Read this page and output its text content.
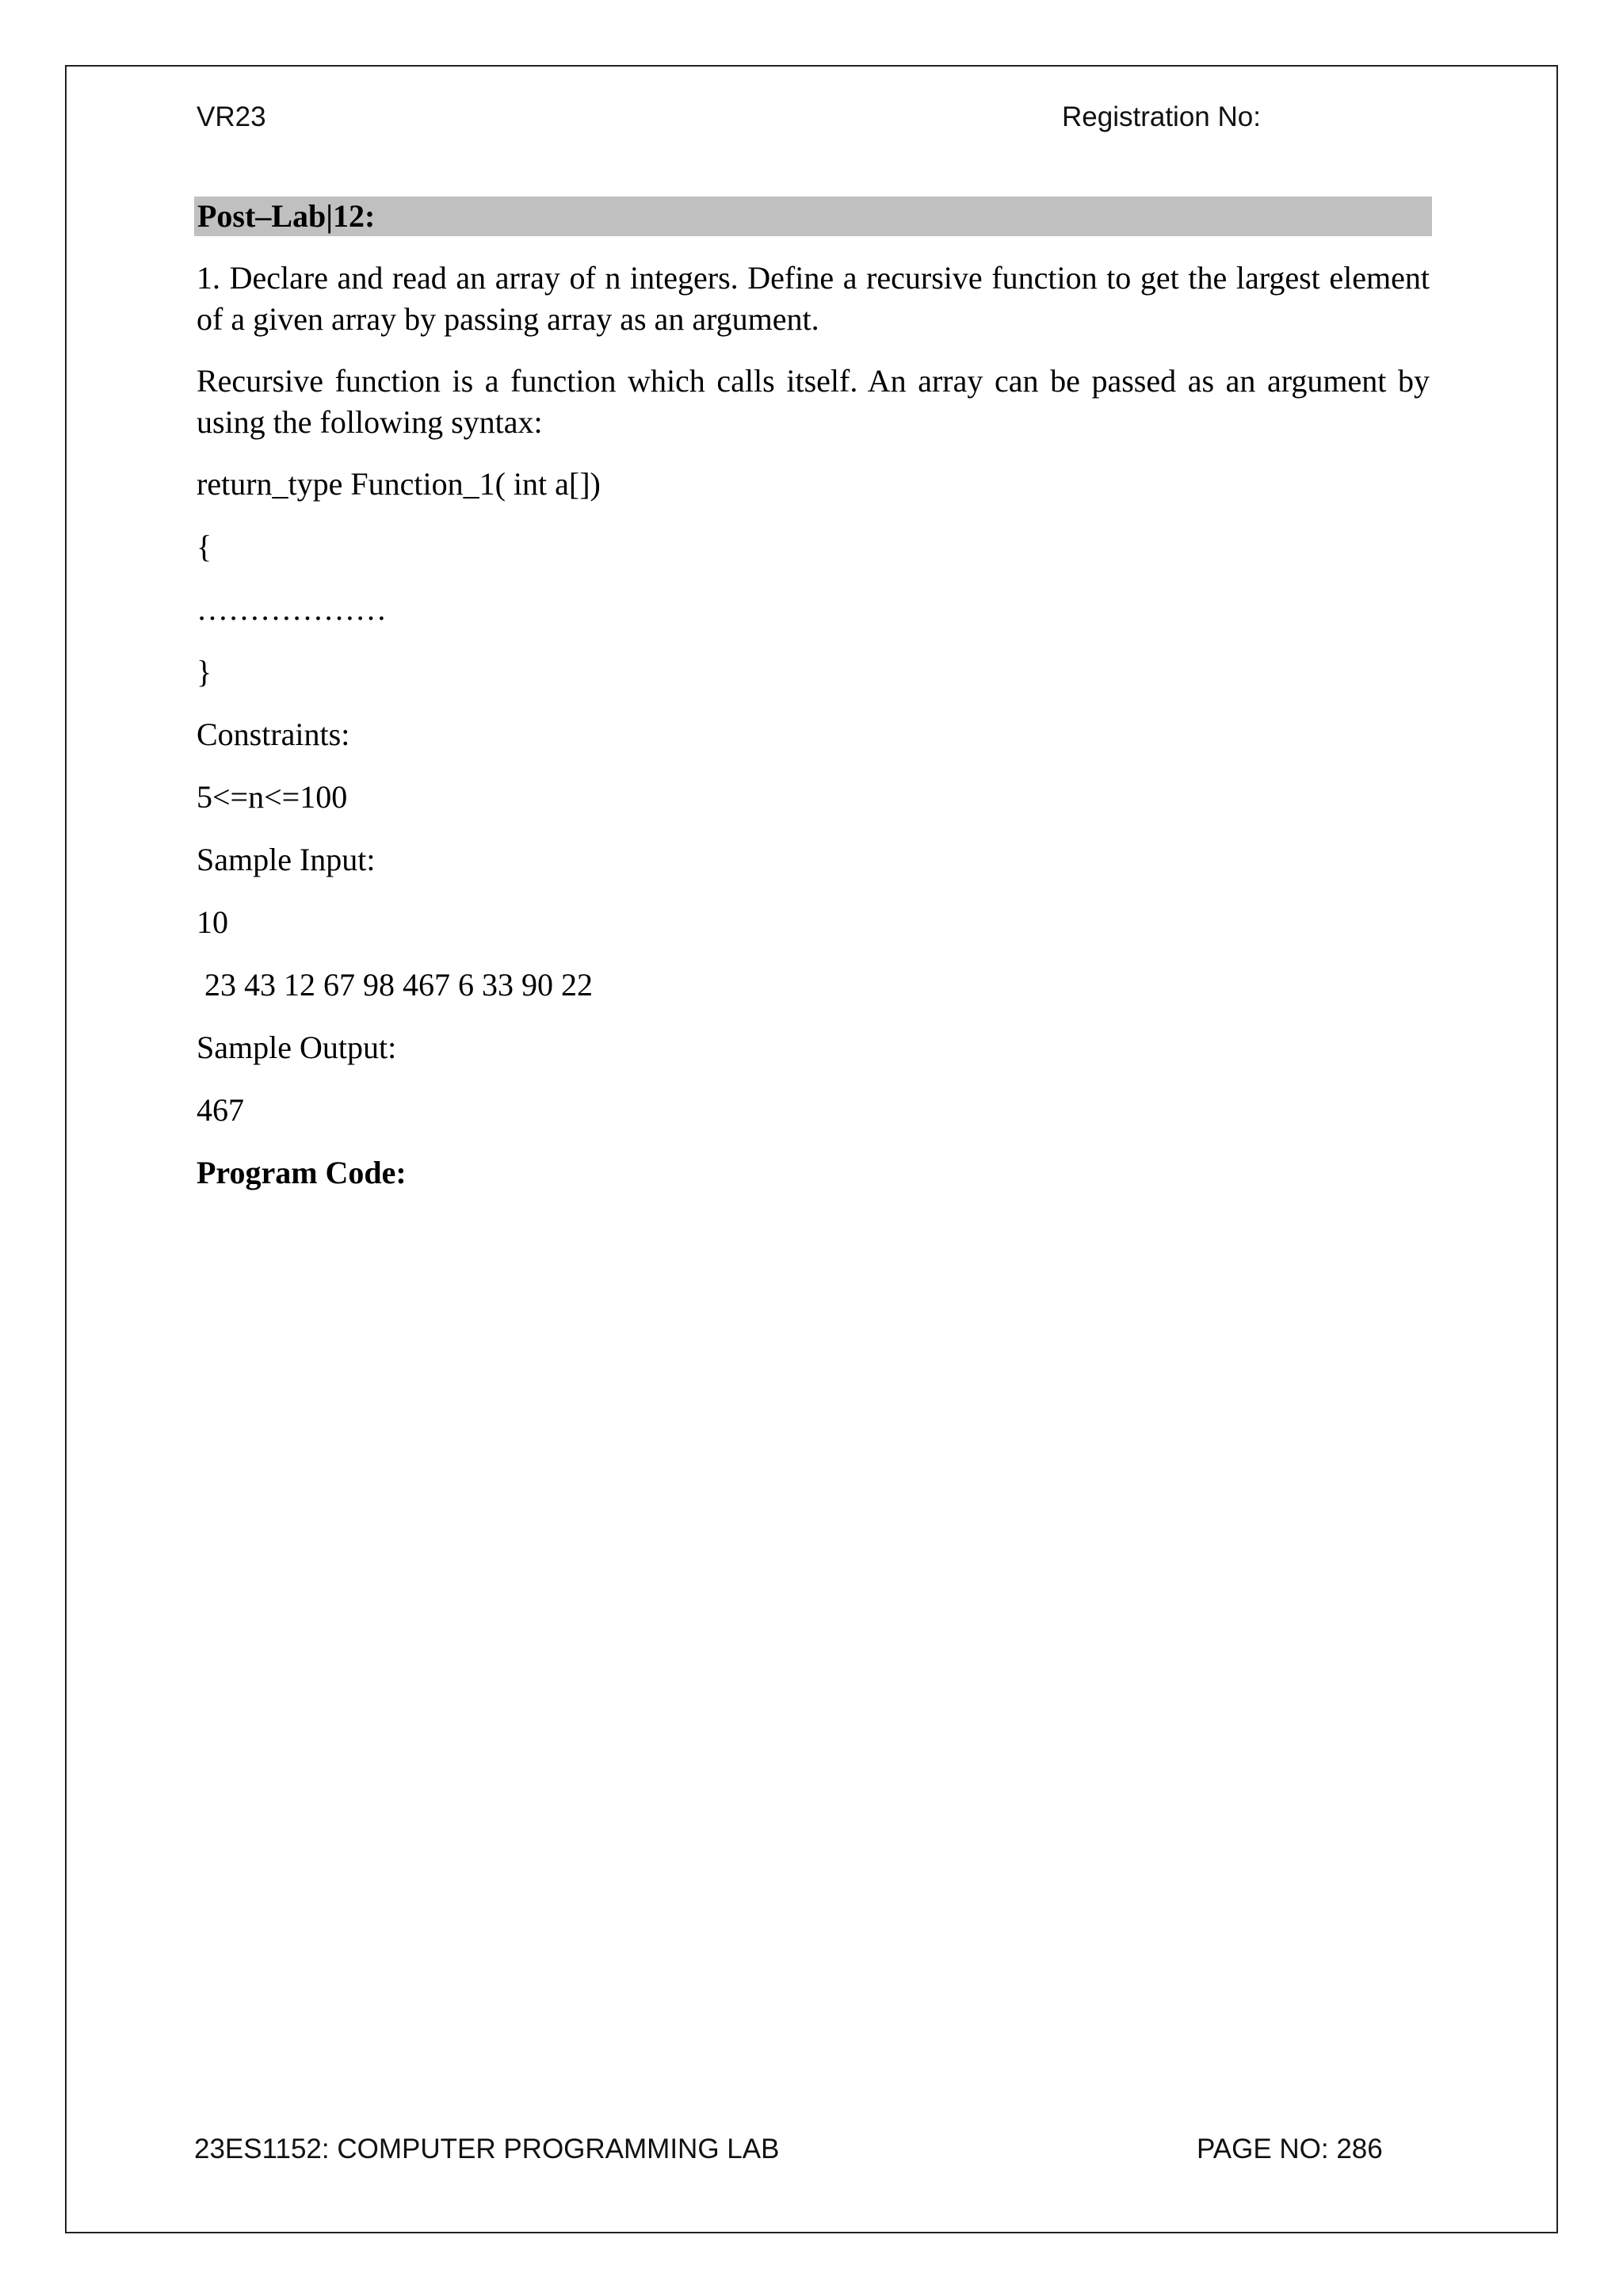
VR23	Registration No:
Post–Lab|12:

1. Declare and read an array of n integers. Define a recursive function to get the largest element of a given array by passing array as an argument.

Recursive function is a function which calls itself. An array can be passed as an argument by using the following syntax:

return_type Function_1( int a[])

{

………………

}

Constraints:

5<=n<=100

Sample Input:

10

23 43 12 67 98 467 6 33 90 22

Sample Output:

467

Program Code:

23ES1152: COMPUTER PROGRAMMING LAB	PAGE NO: 286
